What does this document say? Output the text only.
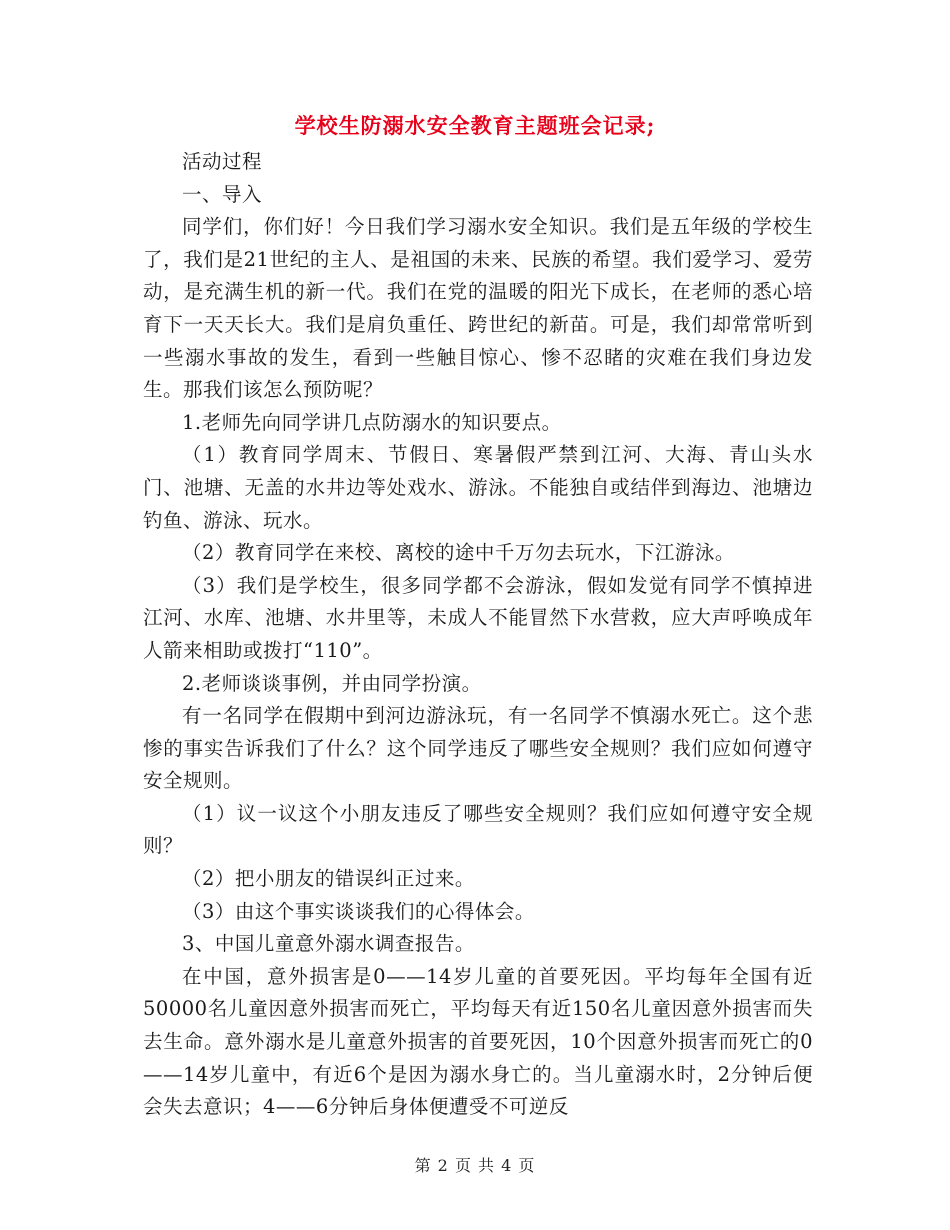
学校生防溺水安全教育主题班会记录;

活动过程

一、导入

同学们，你们好！今日我们学习溺水安全知识。我们是五年级的学校生了，我们是21世纪的主人、是祖国的未来、民族的希望。我们爱学习、爱劳动，是充满生机的新一代。我们在党的温暖的阳光下成长，在老师的悉心培育下一天天长大。我们是肩负重任、跨世纪的新苗。可是，我们却常常听到一些溺水事故的发生，看到一些触目惊心、惨不忍睹的灾难在我们身边发生。那我们该怎么预防呢？

1.老师先向同学讲几点防溺水的知识要点。

（1）教育同学周末、节假日、寒暑假严禁到江河、大海、青山头水门、池塘、无盖的水井边等处戏水、游泳。不能独自或结伴到海边、池塘边钓鱼、游泳、玩水。

（2）教育同学在来校、离校的途中千万勿去玩水，下江游泳。

（3）我们是学校生，很多同学都不会游泳，假如发觉有同学不慎掉进江河、水库、池塘、水井里等，未成人不能冒然下水营救，应大声呼唤成年人箭来相助或拨打“110”。

2.老师谈谈事例，并由同学扮演。

有一名同学在假期中到河边游泳玩，有一名同学不慎溺水死亡。这个悲惨的事实告诉我们了什么？这个同学违反了哪些安全规则？我们应如何遵守安全规则。

（1）议一议这个小朋友违反了哪些安全规则？我们应如何遵守安全规则？

（2）把小朋友的错误纠正过来。

（3）由这个事实谈谈我们的心得体会。

3、中国儿童意外溺水调查报告。

在中国，意外损害是0——14岁儿童的首要死因。平均每年全国有近50000名儿童因意外损害而死亡，平均每天有近150名儿童因意外损害而失去生命。意外溺水是儿童意外损害的首要死因，10个因意外损害而死亡的0——14岁儿童中，有近6个是因为溺水身亡的。当儿童溺水时，2分钟后便会失去意识；4——6分钟后身体便遭受不可逆反

第 2 页 共 4 页
